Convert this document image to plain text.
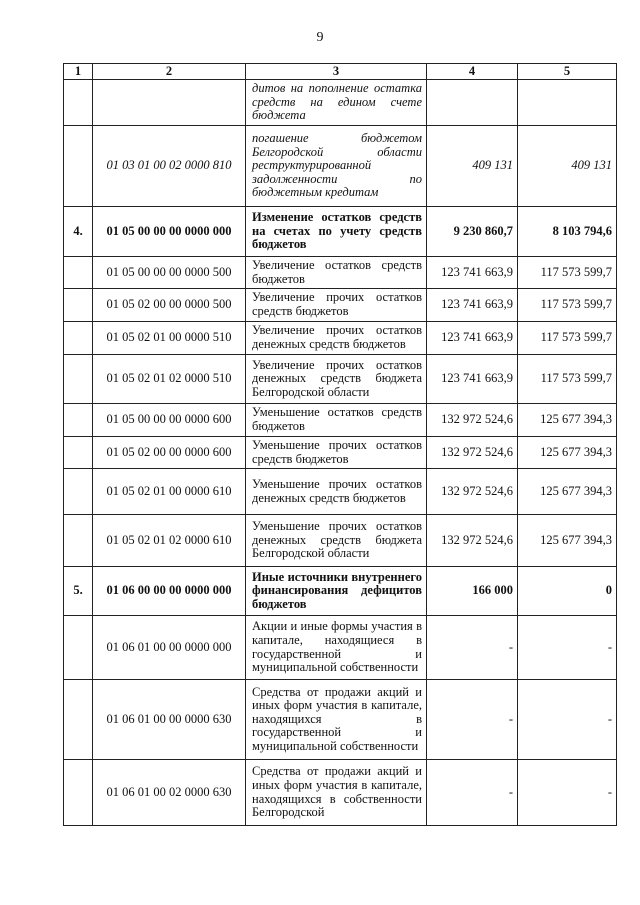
9
1	2	3	4	5
		дитов на пополнение остатка средств на едином счете бюджета		
	01 03 01 00 02 0000 810	погашение бюджетом Белгородской области реструктурированной задолженности по бюджетным кредитам	409 131	409 131
4.	01 05 00 00 00 0000 000	Изменение остатков средств на счетах по учету средств бюджетов	9 230 860,7	8 103 794,6
	01 05 00 00 00 0000 500	Увеличение остатков средств бюджетов	123 741 663,9	117 573 599,7
	01 05 02 00 00 0000 500	Увеличение прочих остатков средств бюджетов	123 741 663,9	117 573 599,7
	01 05 02 01 00 0000 510	Увеличение прочих остатков денежных средств бюджетов	123 741 663,9	117 573 599,7
	01 05 02 01 02 0000 510	Увеличение прочих остатков денежных средств бюджета Белгородской области	123 741 663,9	117 573 599,7
	01 05 00 00 00 0000 600	Уменьшение остатков средств бюджетов	132 972 524,6	125 677 394,3
	01 05 02 00 00 0000 600	Уменьшение прочих остатков средств бюджетов	132 972 524,6	125 677 394,3
	01 05 02 01 00 0000 610	Уменьшение прочих остатков денежных средств бюджетов	132 972 524,6	125 677 394,3
	01 05 02 01 02 0000 610	Уменьшение прочих остатков денежных средств бюджета Белгородской области	132 972 524,6	125 677 394,3
5.	01 06 00 00 00 0000 000	Иные источники внутреннего финансирования дефицитов бюджетов	166 000	0
	01 06 01 00 00 0000 000	Акции и иные формы участия в капитале, находящиеся в государственной и муниципальной собственности	-	-
	01 06 01 00 00 0000 630	Средства от продажи акций и иных форм участия в капитале, находящихся в государственной и муниципальной собственности	-	-
	01 06 01 00 02 0000 630	Средства от продажи акций и иных форм участия в капитале, находящихся в собственности Белгородской	-	-
